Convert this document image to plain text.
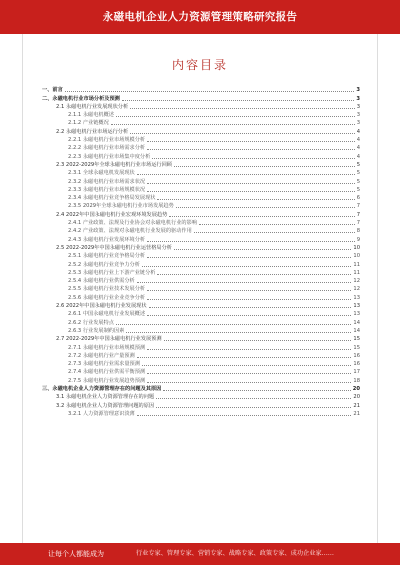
永磁电机企业人力资源管理策略研究报告
内容目录
一、前言	3
二、永磁电机行业市场分析及预测	3
2.1 永磁电机行业发展现状分析	3
2.1.1 永磁电机概述	3
2.1.2 产业链概况	3
2.2 永磁电机行业市场运行分析	4
2.2.1 永磁电机行业市场规模分析	4
2.2.2 永磁电机行业市场需求分析	4
2.2.3 永磁电机行业市场集中度分析	4
2.3 2022-2029年全球永磁电机行业市场运行回顾	5
2.3.1 全球永磁电机发展现状	5
2.3.2 永磁电机行业市场需求状况	5
2.3.3 永磁电机行业市场规模状况	5
2.3.4 永磁电机行业竞争格局发展现状	6
2.3.5 2029年全球永磁电机行业市场发展趋势	7
2.4 2022年中国永磁电机行业宏观环境发展趋势	7
2.4.1 产业政策、法规及行业协会对永磁电机行业的影响	7
2.4.2 产业政策、法规对永磁电机行业发展的驱动作用	8
2.4.3 永磁电机行业发展环境分析	9
2.5 2022-2029年中国永磁电机行业运营格局分析	10
2.5.1 永磁电机行业竞争格局分析	10
2.5.2 永磁电机行业竞争力分析	11
2.5.3 永磁电机行业上下游产业链分析	11
2.5.4 永磁电机行业供需分析	12
2.5.5 永磁电机行业技术发展分析	12
2.5.6 永磁电机行业企业竞争分析	13
2.6 2022年中国永磁电机行业发展现状	13
2.6.1 中国永磁电机行业发展概述	13
2.6.2 行业发展特点	14
2.6.3 行业发展制约因素	14
2.7 2022-2029年中国永磁电机行业发展预测	15
2.7.1 永磁电机行业市场规模预测	15
2.7.2 永磁电机行业产量预测	16
2.7.3 永磁电机行业需求量预测	16
2.7.4 永磁电机行业供需平衡预测	17
2.7.5 永磁电机行业发展趋势预测	18
三、永磁电机企业人力资源管理存在的问题及其原因	20
3.1 永磁电机企业人力资源管理存在的问题	20
3.2 永磁电机企业人力资源管理问题的原因	21
3.2.1 人力资源管理意识淡薄	21
让每个人都能成为	行业专家、管理专家、营销专家、战略专家、政策专家、成功企业家……
